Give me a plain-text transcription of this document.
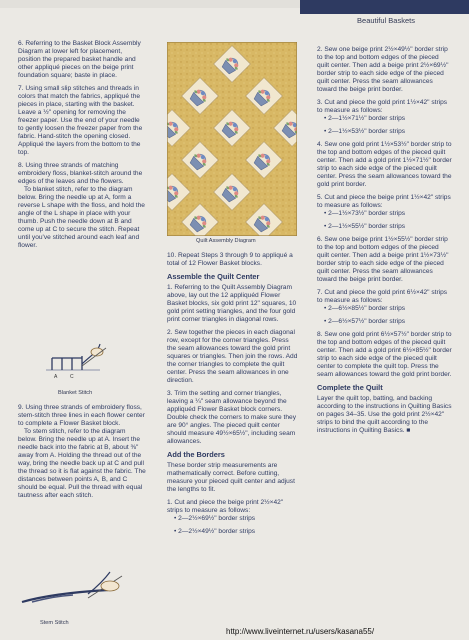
Beautiful Baskets

6. Referring to the Basket Block Assembly Diagram at lower left for placement, position the prepared basket handle and other appliqué pieces on the beige print foundation square; baste in place.

7. Using small slip stitches and threads in colors that match the fabrics, appliqué the pieces in place, starting with the basket. Leave a ½" opening for removing the freezer paper. Use the end of your needle to gently loosen the freezer paper from the fabric. Hand-stitch the opening closed. Appliqué the layers from the bottom to the top.

8. Using three strands of matching embroidery floss, blanket-stitch around the edges of the leaves and the flowers.

To blanket stitch, refer to the diagram below. Bring the needle up at A, form a reverse L shape with the floss, and hold the angle of the L shape in place with your thumb. Push the needle down at B and come up at C to secure the stitch. Repeat until you've stitched around each leaf and flower.

A	C
Blanket Stitch

9. Using three strands of embroidery floss, stem-stitch three lines in each flower center to complete a Flower Basket block.

To stem stitch, refer to the diagram below. Bring the needle up at A. Insert the needle back into the fabric at B, about ⅜" away from A. Holding the thread out of the way, bring the needle back up at C and pull the thread so it is flat against the fabric. The distances between points A, B, and C should be equal. Pull the thread with equal tautness after each stitch.

Stem Stitch
Quilt Assembly Diagram

10. Repeat Steps 3 through 9 to appliqué a total of 12 Flower Basket blocks.

Assemble the Quilt Center

1. Referring to the Quilt Assembly Diagram above, lay out the 12 appliquéd Flower Basket blocks, six gold print 12" squares, 10 gold print setting triangles, and the four gold print corner triangles in diagonal rows.

2. Sew together the pieces in each diagonal row, except for the corner triangles. Press the seam allowances toward the gold print squares or triangles. Then join the rows. Add the corner triangles to complete the quilt center. Press the seam allowances in one direction.

3. Trim the setting and corner triangles, leaving a ¼" seam allowance beyond the appliquéd Flower Basket block corners. Double check the corners to make sure they are 90° angles. The pieced quilt center should measure 49½×65½", including seam allowances.

Add the Borders

These border strip measurements are mathematically correct. Before cutting, measure your pieced quilt center and adjust the lengths to fit.

1. Cut and piece the beige print 2½×42" strips to measure as follows:

• 2—2½×69½" border strips

• 2—2½×49½" border strips

2. Sew one beige print 2½×49½" border strip to the top and bottom edges of the pieced quilt center. Then add a beige print 2½×69½" border strip to each side edge of the pieced quilt center. Press the seam allowances toward the beige print border.

3. Cut and piece the gold print 1½×42" strips to measure as follows:

• 2—1½×71½" border strips

• 2—1½×53½" border strips

4. Sew one gold print 1½×53½" border strip to the top and bottom edges of the pieced quilt center. Then add a gold print 1½×71½" border strip to each side edge of the pieced quilt center. Press the seam allowances toward the gold print border.

5. Cut and piece the beige print 1½×42" strips to measure as follows:

• 2—1½×73½" border strips

• 2—1½×55½" border strips

6. Sew one beige print 1½×55½" border strip to the top and bottom edges of the pieced quilt center. Then add a beige print 1½×73½" border strip to each side edge of the pieced quilt center. Press the seam allowances toward the beige print border.

7. Cut and piece the gold print 6½×42" strips to measure as follows:

• 2—6½×85½" border strips

• 2—6½×57½" border strips

8. Sew one gold print 6½×57½" border strip to the top and bottom edges of the pieced quilt center. Then add a gold print 6½×85½" border strip to each side edge of the pieced quilt center to complete the quilt top. Press the seam allowances toward the gold print border.

Complete the Quilt

Layer the quilt top, batting, and backing according to the instructions in Quilting Basics on pages 34–35. Use the gold print 2½×42" strips to bind the quilt according to the instructions in Quilting Basics. ■

http://www.liveinternet.ru/users/kasana55/
